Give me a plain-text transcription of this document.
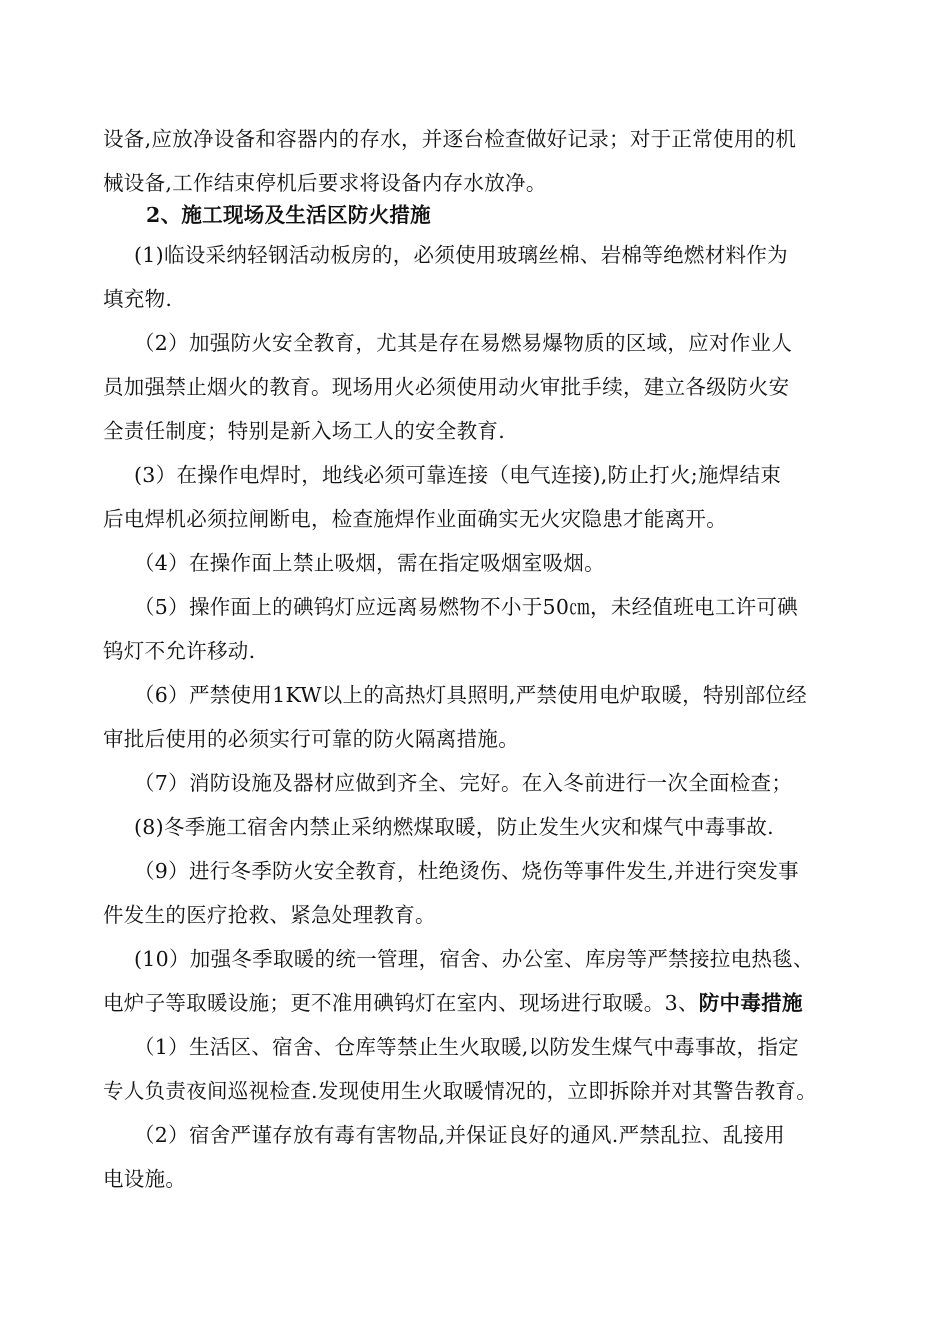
设备,应放净设备和容器内的存水，并逐台检查做好记录；对于正常使用的机
械设备,工作结束停机后要求将设备内存水放净。
2、施工现场及生活区防火措施
(1)临设采纳轻钢活动板房的，必须使用玻璃丝棉、岩棉等绝燃材料作为
填充物.
（2）加强防火安全教育，尤其是存在易燃易爆物质的区域，应对作业人
员加强禁止烟火的教育。现场用火必须使用动火审批手续，建立各级防火安
全责任制度；特别是新入场工人的安全教育.
(3）在操作电焊时，地线必须可靠连接（电气连接),防止打火;施焊结束
后电焊机必须拉闸断电，检查施焊作业面确实无火灾隐患才能离开。
（4）在操作面上禁止吸烟，需在指定吸烟室吸烟。
（5）操作面上的碘钨灯应远离易燃物不小于50㎝，未经值班电工许可碘
钨灯不允许移动.
（6）严禁使用1KW以上的高热灯具照明,严禁使用电炉取暖，特别部位经
审批后使用的必须实行可靠的防火隔离措施。
（7）消防设施及器材应做到齐全、完好。在入冬前进行一次全面检查；
(8)冬季施工宿舍内禁止采纳燃煤取暖，防止发生火灾和煤气中毒事故.
（9）进行冬季防火安全教育，杜绝烫伤、烧伤等事件发生,并进行突发事
件发生的医疗抢救、紧急处理教育。
(10）加强冬季取暖的统一管理，宿舍、办公室、库房等严禁接拉电热毯、
电炉子等取暖设施；更不准用碘钨灯在室内、现场进行取暖。3、防中毒措施
（1）生活区、宿舍、仓库等禁止生火取暖,以防发生煤气中毒事故，指定
专人负责夜间巡视检查.发现使用生火取暖情况的，立即拆除并对其警告教育。
（2）宿舍严谨存放有毒有害物品,并保证良好的通风.严禁乱拉、乱接用
电设施。
